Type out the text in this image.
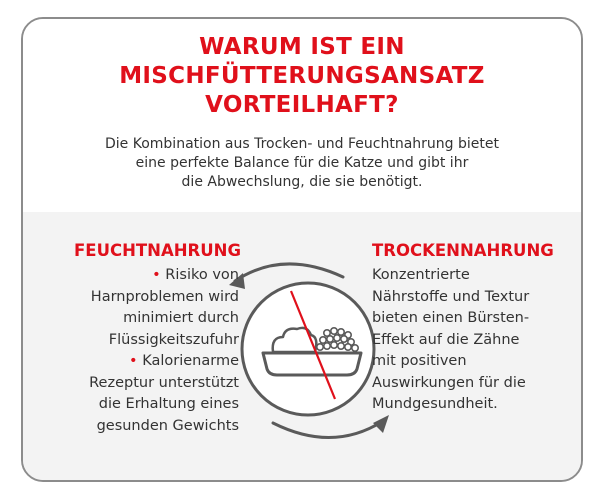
WARUM IST EIN
MISCHFÜTTERUNGSANSATZ
VORTEILHAFT?
Die Kombination aus Trocken- und Feuchtnahrung bietet
eine perfekte Balance für die Katze und gibt ihr
die Abwechslung, die sie benötigt.
FEUCHTNAHRUNG
• Risiko von
Harnproblemen wird
minimiert durch
Flüssigkeitszufuhr
• Kalorienarme
Rezeptur unterstützt
die Erhaltung eines
gesunden Gewichts
TROCKENNAHRUNG
Konzentrierte
Nährstoffe und Textur
bieten einen Bürsten-
Effekt auf die Zähne
mit positiven
Auswirkungen für die
Mundgesundheit.
